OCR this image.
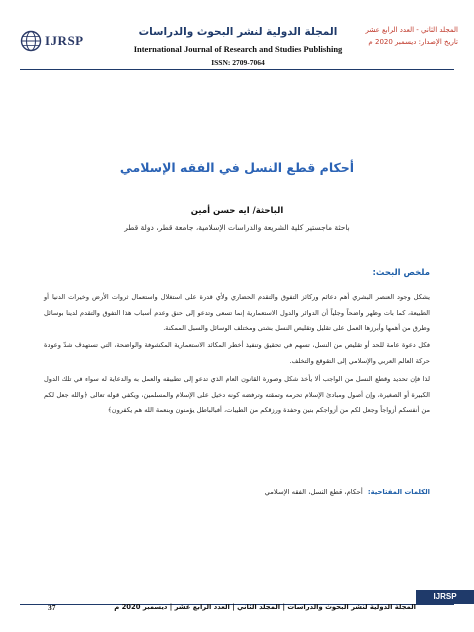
IJRSP
المجلة الدولية لنشر البحوث والدراسات
International Journal of Research and Studies Publishing
ISSN: 2709-7064
المجلد الثاني - العدد الرابع عشر
تاريخ الإصدار: ديسمبر 2020 م
أحكام قطع النسل في الفقه الإسلامي
الباحثة/ ايه حسن أمين
باحثة ماجستير كلية الشريعة والدراسات الإسلامية، جامعة قطر، دولة قطر
ملخص البحث:
يشكل وجود العنصر البشري أهم دعائم وركائز التفوق والتقدم الحضاري ولأي قدرة على استغلال واستعمال ثروات الأرض وخيرات الدنيا أو الطبيعة، كما بات وظهر واضحاً وجلياً أن الدوائر والدول الاستعمارية إنما تسعى وتدعو إلى حنق وعدم أسباب هذا التفوق والتقدم لدينا بوسائل وطرق من أهمها وأبرزها العمل على تقليل وتقليص النسل بشتى ومختلف الوسائل والسبل الممكنة.
فكل دعوة عامة للحد أو تقليص من النسل، تسهم في تحقيق وتنفيذ أخطر المكائد الاستعمارية المكشوفة والواضحة، التي تستهدف شدّ وعودة حركة العالم العربي والإسلامي إلى التقوقع والتخلف.
لذا فإن تحديد وقطع النسل من الواجب ألا يأخذ شكل وصورة القانون العام الذي تدعو إلى تطبيقه والعمل به والدعاية له سواء في تلك الدول الكبيرة أو الصغيرة، وإن أصول ومبادئ الإسلام تحرمه وتمقته وترفضه كونه دخيل على الإسلام والمسلمين، ويكفي قوله تعالى ﴿والله جعل لكم من أنفسكم أزواجاً وجعل لكم من أزواجكم بنين وحفدة ورزقكم من الطيبات، أفبالباطل يؤمنون وبنعمة الله هم يكفرون﴾
الكلمات المفتاحية: أحكام، قطع النسل، الفقه الإسلامي
IJRSP
المجلة الدولية لنشر البحوث والدراسات | المجلد الثاني | العدد الرابع عشر | ديسمبر 2020 م
37
